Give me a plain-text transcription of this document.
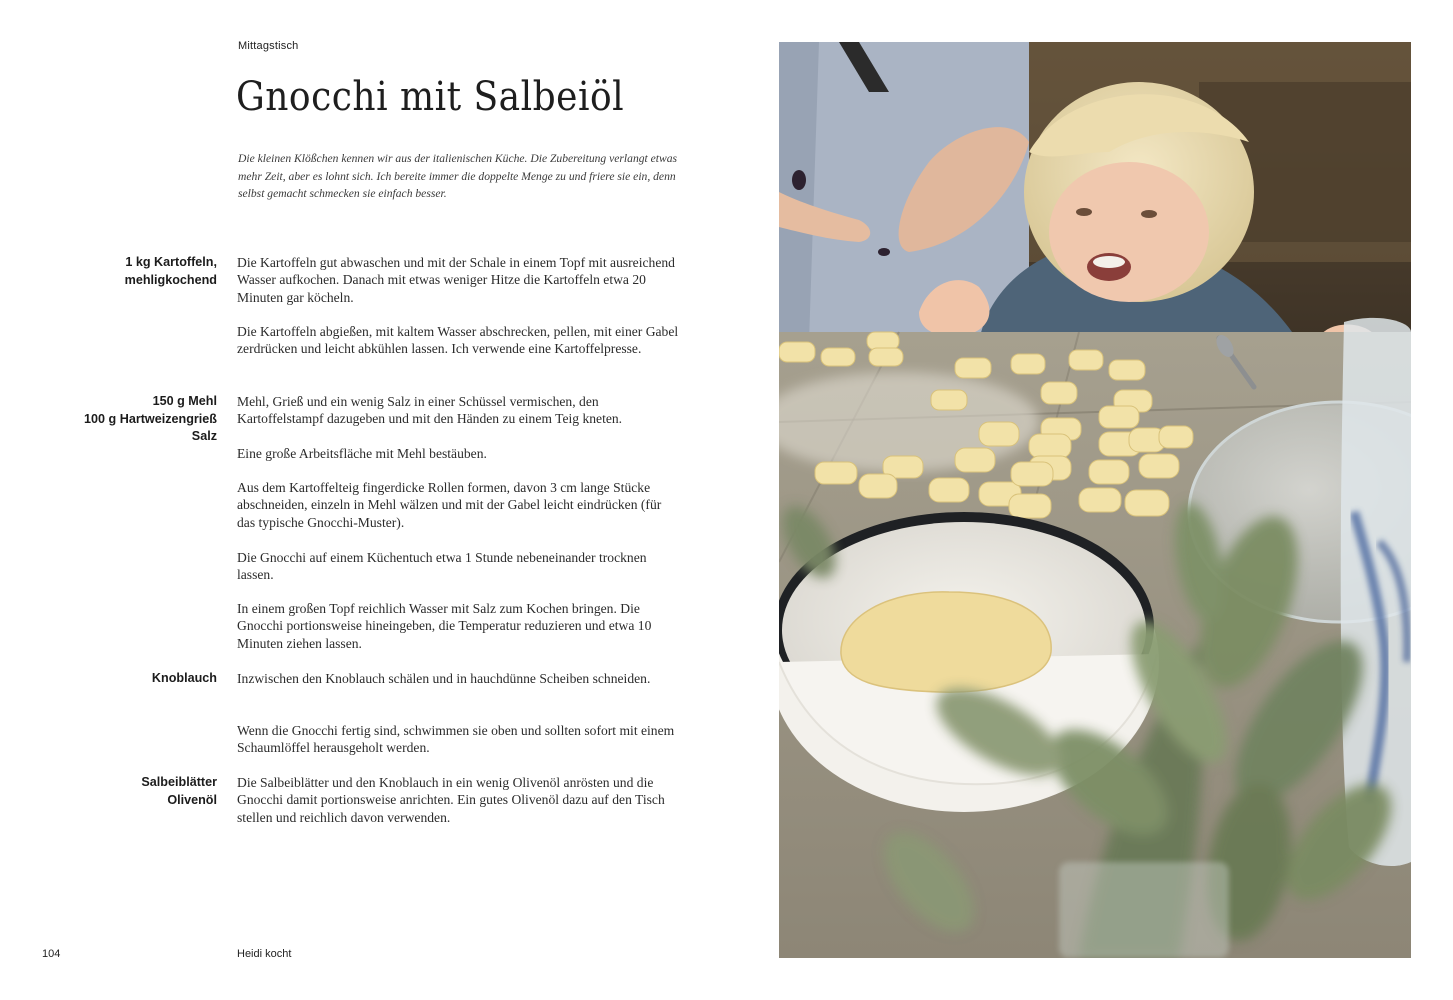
Mittagstisch
Gnocchi mit Salbeiöl
Die kleinen Klößchen kennen wir aus der italienischen Küche. Die Zubereitung verlangt etwas mehr Zeit, aber es lohnt sich. Ich bereite immer die doppelte Menge zu und friere sie ein, denn selbst gemacht schmecken sie einfach besser.
1 kg Kartoffeln,
mehligkochend
150 g Mehl
100 g Hartweizengrieß
Salz
Knoblauch
Salbeiblätter
Olivenöl
Die Kartoffeln gut abwaschen und mit der Schale in einem Topf mit ausreichend Wasser aufkochen. Danach mit etwas weniger Hitze die Kartoffeln etwa 20 Minuten gar köcheln.
Die Kartoffeln abgießen, mit kaltem Wasser abschrecken, pellen, mit einer Gabel zerdrücken und leicht abkühlen lassen. Ich verwende eine Kartoffelpresse.
Mehl, Grieß und ein wenig Salz in einer Schüssel vermischen, den Kartoffelstampf dazugeben und mit den Händen zu einem Teig kneten.
Eine große Arbeitsfläche mit Mehl bestäuben.
Aus dem Kartoffelteig fingerdicke Rollen formen, davon 3 cm lange Stücke abschneiden, einzeln in Mehl wälzen und mit der Gabel leicht eindrücken (für das typische Gnocchi-Muster).
Die Gnocchi auf einem Küchentuch etwa 1 Stunde nebeneinander trocknen lassen.
In einem großen Topf reichlich Wasser mit Salz zum Kochen bringen. Die Gnocchi portionsweise hineingeben, die Temperatur reduzieren und etwa 10 Minuten ziehen lassen.
Inzwischen den Knoblauch schälen und in hauchdünne Scheiben schneiden.
Wenn die Gnocchi fertig sind, schwimmen sie oben und sollten sofort mit einem Schaumlöffel herausgeholt werden.
Die Salbeiblätter und den Knoblauch in ein wenig Olivenöl anrösten und die Gnocchi damit portionsweise anrichten. Ein gutes Olivenöl dazu auf den Tisch stellen und reichlich davon verwenden.
104	Heidi kocht
